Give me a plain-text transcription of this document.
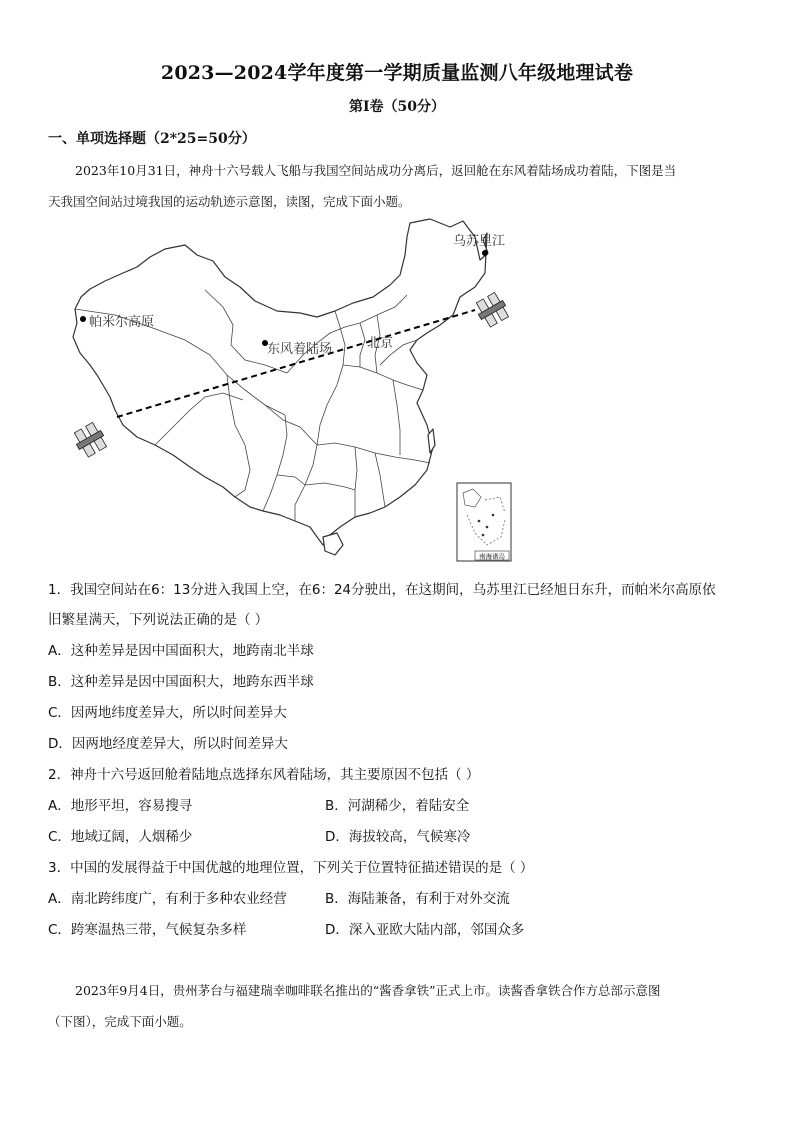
2023—2024学年度第一学期质量监测八年级地理试卷
第I卷（50分）
一、单项选择题（2*25=50分）
2023年10月31日，神舟十六号载人飞船与我国空间站成功分离后，返回舱在东风着陆场成功着陆，下图是当
天我国空间站过境我国的运动轨迹示意图，读图，完成下面小题。
南海诸岛
乌苏里江
帕米尔高原
东风着陆场	北京
1．我国空间站在6：13分进入我国上空，在6：24分驶出，在这期间，乌苏里江已经旭日东升，而帕米尔高原依
旧繁星满天，下列说法正确的是（ ）
A．这种差异是因中国面积大，地跨南北半球
B．这种差异是因中国面积大，地跨东西半球
C．因两地纬度差异大，所以时间差异大
D．因两地经度差异大，所以时间差异大
2．神舟十六号返回舱着陆地点选择东风着陆场，其主要原因不包括（ ）
A．地形平坦，容易搜寻	B．河湖稀少，着陆安全
C．地域辽阔，人烟稀少	D．海拔较高，气候寒冷
3．中国的发展得益于中国优越的地理位置，下列关于位置特征描述错误的是（ ）
A．南北跨纬度广，有利于多种农业经营	B．海陆兼备，有利于对外交流
C．跨寒温热三带，气候复杂多样	D．深入亚欧大陆内部，邻国众多
2023年9月4日，贵州茅台与福建瑞幸咖啡联名推出的“酱香拿铁”正式上市。读酱香拿铁合作方总部示意图
（下图），完成下面小题。
